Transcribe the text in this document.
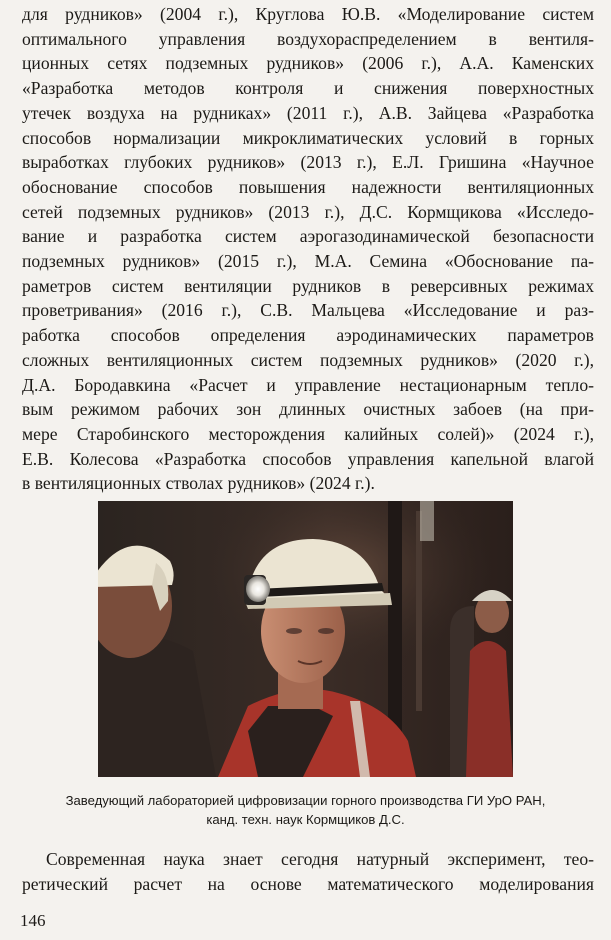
для рудников» (2004 г.), Круглова Ю.В. «Моделирование систем
оптимального управления воздухораспределением в вентиля-
ционных сетях подземных рудников» (2006 г.), А.А. Каменских
«Разработка методов контроля и снижения поверхностных
утечек воздуха на рудниках» (2011 г.), А.В. Зайцева «Разработка
способов нормализации микроклиматических условий в горных
выработках глубоких рудников» (2013 г.), Е.Л. Гришина «Научное
обоснование способов повышения надежности вентиляционных
сетей подземных рудников» (2013 г.), Д.С. Кормщикова «Исследо-
вание и разработка систем аэрогазодинамической безопасности
подземных рудников» (2015 г.), М.А. Семина «Обоснование па-
раметров систем вентиляции рудников в реверсивных режимах
проветривания» (2016 г.), С.В. Мальцева «Исследование и раз-
работка способов определения аэродинамических параметров
сложных вентиляционных систем подземных рудников» (2020 г.),
Д.А. Бородавкина «Расчет и управление нестационарным тепло-
вым режимом рабочих зон длинных очистных забоев (на при-
мере Старобинского месторождения калийных солей)» (2024 г.),
Е.В. Колесова «Разработка способов управления капельной влагой
в вентиляционных стволах рудников» (2024 г.).
Заведующий лабораторией цифровизации горного производства ГИ УрО РАН,
канд. техн. наук Кормщиков Д.С.
Современная наука знает сегодня натурный эксперимент, тео-
ретический расчет на основе математического моделирования
146
